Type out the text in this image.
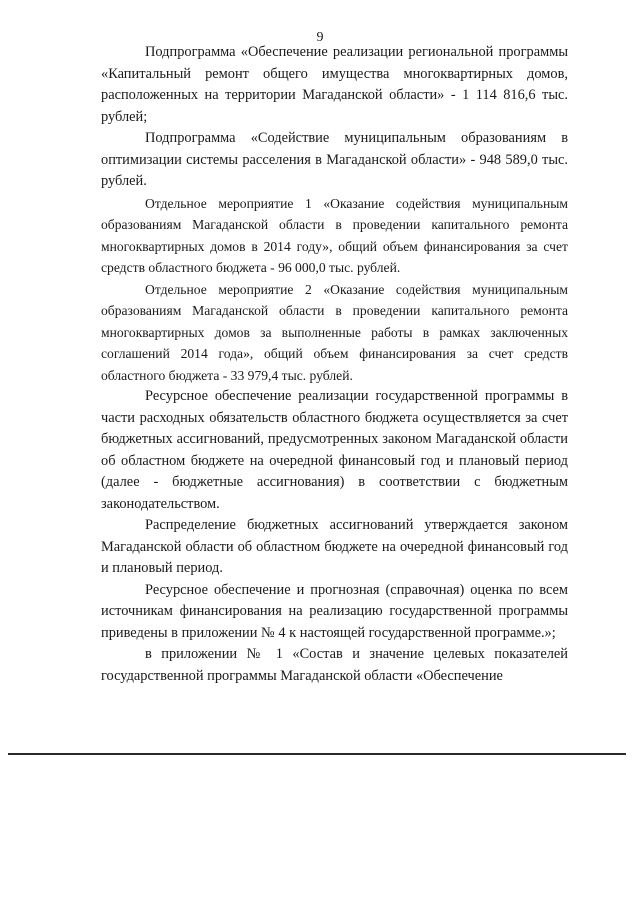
9

Подпрограмма «Обеспечение реализации региональной программы «Капитальный ремонт общего имущества многоквартирных домов, расположенных на территории Магаданской области» - 1 114 816,6 тыс. рублей;

Подпрограмма «Содействие муниципальным образованиям в оптимизации системы расселения в Магаданской области» - 948 589,0 тыс. рублей.

Отдельное мероприятие 1 «Оказание содействия муниципальным образованиям Магаданской области в проведении капитального ремонта многоквартирных домов в 2014 году», общий объем финансирования за счет средств областного бюджета - 96 000,0 тыс. рублей.

Отдельное мероприятие 2 «Оказание содействия муниципальным образованиям Магаданской области в проведении капитального ремонта многоквартирных домов за выполненные работы в рамках заключенных соглашений 2014 года», общий объем финансирования за счет средств областного бюджета - 33 979,4 тыс. рублей.

Ресурсное обеспечение реализации государственной программы в части расходных обязательств областного бюджета осуществляется за счет бюджетных ассигнований, предусмотренных законом Магаданской области об областном бюджете на очередной финансовый год и плановый период (далее - бюджетные ассигнования) в соответствии с бюджетным законодательством.

Распределение бюджетных ассигнований утверждается законом Магаданской области об областном бюджете на очередной финансовый год и плановый период.

Ресурсное обеспечение и прогнозная (справочная) оценка по всем источникам финансирования на реализацию государственной программы приведены в приложении № 4 к настоящей государственной программе.»;

в приложении № 1 «Состав и значение целевых показателей государственной программы Магаданской области «Обеспечение
